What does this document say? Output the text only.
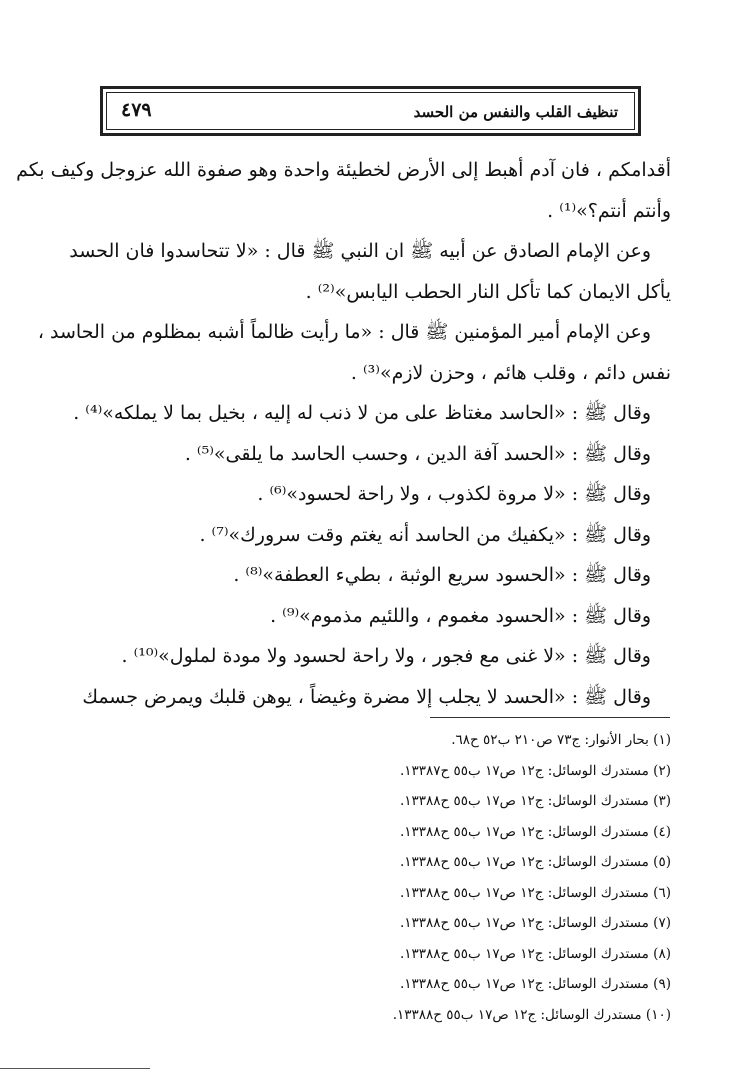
تنظيف القلب والنفس من الحسد
٤٧٩
أقدامكم ، فان آدم أهبط إلى الأرض لخطيئة واحدة وهو صفوة الله عزوجل وكيف بكم
وأنتم أنتم؟»⁽¹⁾ .
وعن الإمام الصادق عن أبيه ﷺ ان النبي ﷺ قال : «لا تتحاسدوا فان الحسد
يأكل الايمان كما تأكل النار الحطب اليابس»⁽²⁾ .
وعن الإمام أمير المؤمنين ﷺ قال : «ما رأيت ظالماً أشبه بمظلوم من الحاسد ،
نفس دائم ، وقلب هائم ، وحزن لازم»⁽³⁾ .
وقال ﷺ : «الحاسد مغتاظ على من لا ذنب له إليه ، بخيل بما لا يملكه»⁽⁴⁾ .
وقال ﷺ : «الحسد آفة الدين ، وحسب الحاسد ما يلقى»⁽⁵⁾ .
وقال ﷺ : «لا مروة لكذوب ، ولا راحة لحسود»⁽⁶⁾ .
وقال ﷺ : «يكفيك من الحاسد أنه يغتم وقت سرورك»⁽⁷⁾ .
وقال ﷺ : «الحسود سريع الوثبة ، بطيء العطفة»⁽⁸⁾ .
وقال ﷺ : «الحسود مغموم ، واللئيم مذموم»⁽⁹⁾ .
وقال ﷺ : «لا غنى مع فجور ، ولا راحة لحسود ولا مودة لملول»⁽¹⁰⁾ .
وقال ﷺ : «الحسد لا يجلب إلا مضرة وغيضاً ، يوهن قلبك ويمرض جسمك
(١) بحار الأنوار: ج٧٣ ص٢١٠ ب٥٢ ح٦٨.
(٢) مستدرك الوسائل: ج١٢ ص١٧ ب٥٥ ح١٣٣٨٧.
(٣) مستدرك الوسائل: ج١٢ ص١٧ ب٥٥ ح١٣٣٨٨.
(٤) مستدرك الوسائل: ج١٢ ص١٧ ب٥٥ ح١٣٣٨٨.
(٥) مستدرك الوسائل: ج١٢ ص١٧ ب٥٥ ح١٣٣٨٨.
(٦) مستدرك الوسائل: ج١٢ ص١٧ ب٥٥ ح١٣٣٨٨.
(٧) مستدرك الوسائل: ج١٢ ص١٧ ب٥٥ ح١٣٣٨٨.
(٨) مستدرك الوسائل: ج١٢ ص١٧ ب٥٥ ح١٣٣٨٨.
(٩) مستدرك الوسائل: ج١٢ ص١٧ ب٥٥ ح١٣٣٨٨.
(١٠) مستدرك الوسائل: ج١٢ ص١٧ ب٥٥ ح١٣٣٨٨.
